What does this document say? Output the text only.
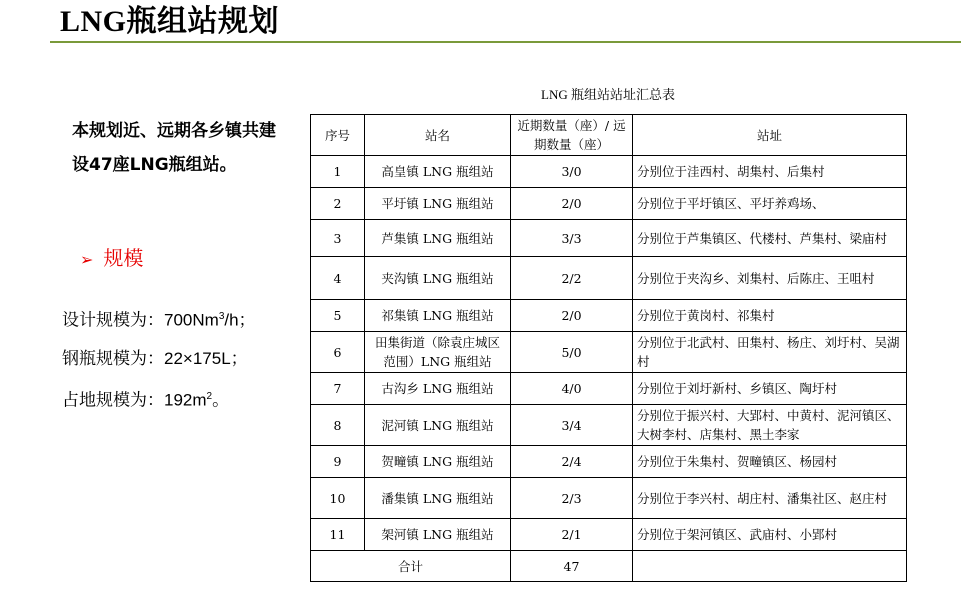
LNG瓶组站规划
本规划近、远期各乡镇共建设47座LNG瓶组站。
➢ 规模
设计规模为：700Nm$^3$/h；
钢瓶规模为：22×175L；
占地规模为：$192m^2$。
LNG 瓶组站站址汇总表
序号	站名	近期数量（座）/ 远期数量（座）	站址
1	高皇镇 LNG 瓶组站	3/0	分别位于洼西村、胡集村、后集村
2	平圩镇 LNG 瓶组站	2/0	分别位于平圩镇区、平圩养鸡场、
3	芦集镇 LNG 瓶组站	3/3	分别位于芦集镇区、代楼村、芦集村、梁庙村
4	夹沟镇 LNG 瓶组站	2/2	分别位于夹沟乡、刘集村、后陈庄、王咀村
5	祁集镇 LNG 瓶组站	2/0	分别位于黄岗村、祁集村
6	田集街道（除袁庄城区范围）LNG 瓶组站	5/0	分别位于北武村、田集村、杨庄、刘圩村、吴湖村
7	古沟乡 LNG 瓶组站	4/0	分别位于刘圩新村、乡镇区、陶圩村
8	泥河镇 LNG 瓶组站	3/4	分别位于振兴村、大郢村、中黄村、泥河镇区、大树李村、店集村、黑土李家
9	贺疃镇 LNG 瓶组站	2/4	分别位于朱集村、贺疃镇区、杨园村
10	潘集镇 LNG 瓶组站	2/3	分别位于李兴村、胡庄村、潘集社区、赵庄村
11	架河镇 LNG 瓶组站	2/1	分别位于架河镇区、武庙村、小郢村
合计		47	
